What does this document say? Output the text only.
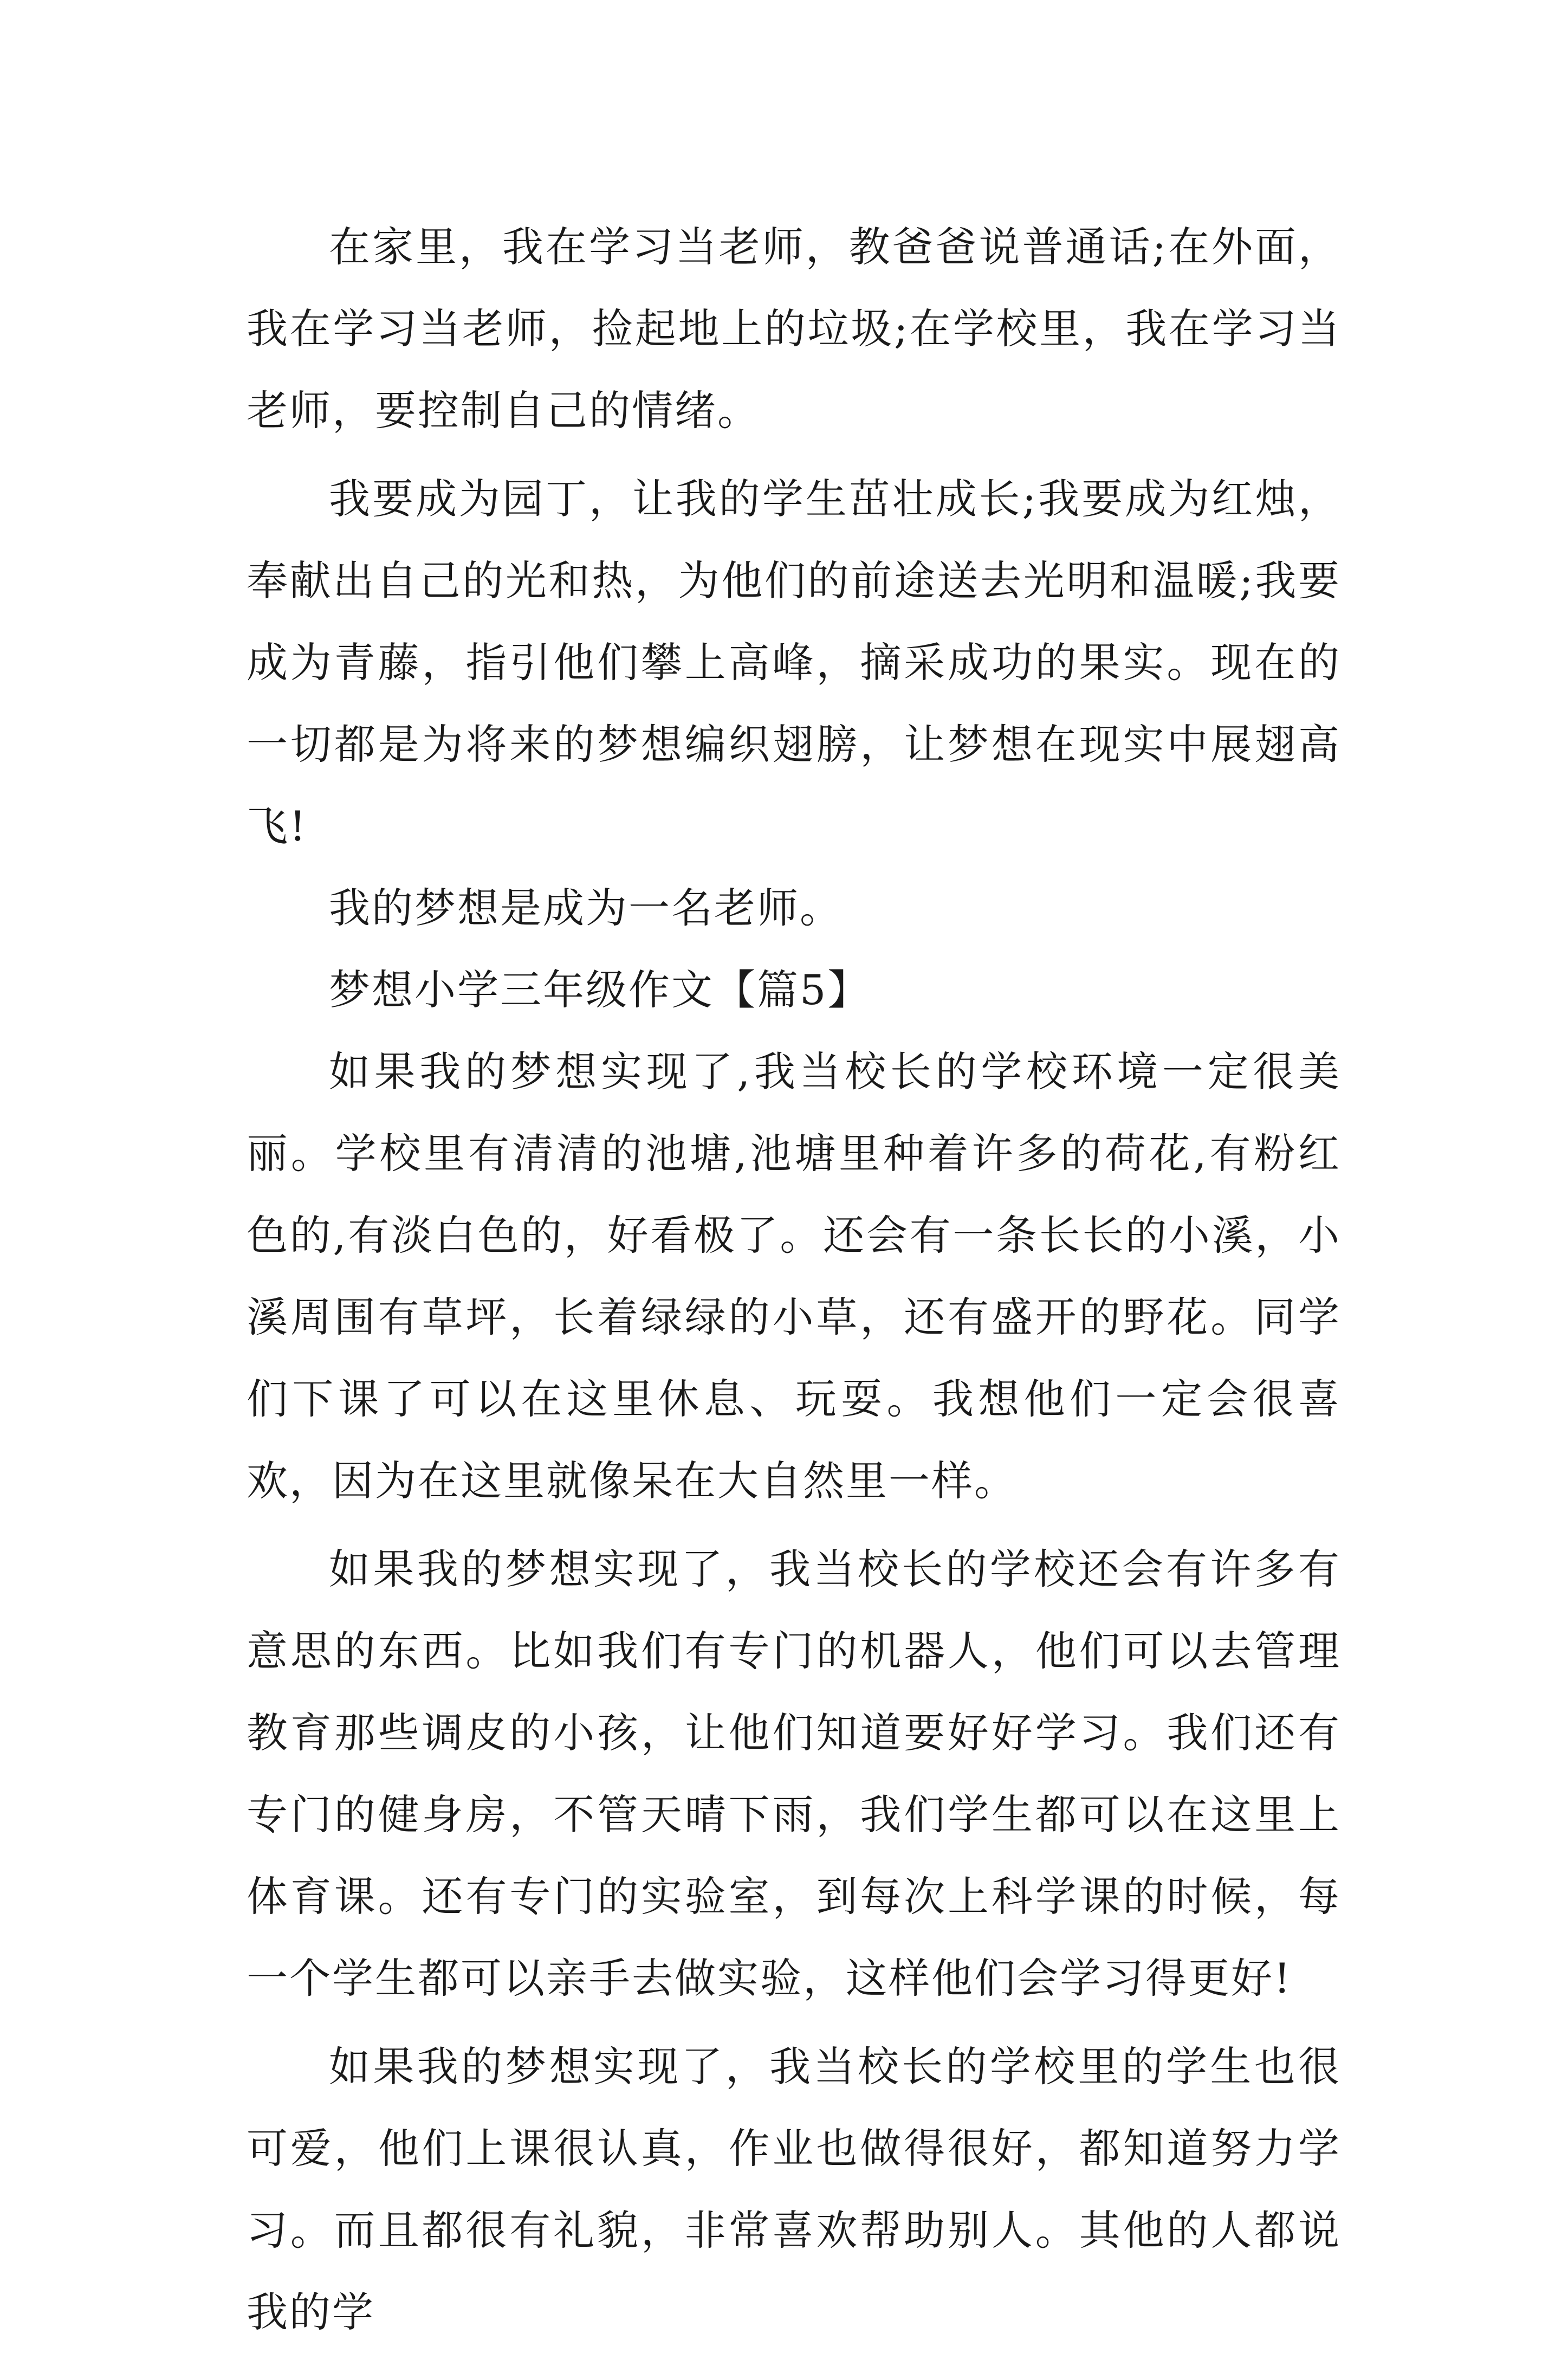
在家里，我在学习当老师，教爸爸说普通话;在外面，我在学习当老师，捡起地上的垃圾;在学校里，我在学习当老师，要控制自己的情绪。

我要成为园丁，让我的学生茁壮成长;我要成为红烛，奉献出自己的光和热，为他们的前途送去光明和温暖;我要成为青藤，指引他们攀上高峰，摘采成功的果实。现在的一切都是为将来的梦想编织翅膀，让梦想在现实中展翅高飞!

我的梦想是成为一名老师。

梦想小学三年级作文【篇5】

如果我的梦想实现了,我当校长的学校环境一定很美丽。学校里有清清的池塘,池塘里种着许多的荷花,有粉红色的,有淡白色的，好看极了。还会有一条长长的小溪，小溪周围有草坪，长着绿绿的小草，还有盛开的野花。同学们下课了可以在这里休息、玩耍。我想他们一定会很喜欢，因为在这里就像呆在大自然里一样。

如果我的梦想实现了，我当校长的学校还会有许多有意思的东西。比如我们有专门的机器人，他们可以去管理教育那些调皮的小孩，让他们知道要好好学习。我们还有专门的健身房，不管天晴下雨，我们学生都可以在这里上体育课。还有专门的实验室，到每次上科学课的时候，每一个学生都可以亲手去做实验，这样他们会学习得更好!

如果我的梦想实现了，我当校长的学校里的学生也很可爱，他们上课很认真，作业也做得很好，都知道努力学习。而且都很有礼貌，非常喜欢帮助别人。其他的人都说我的学
